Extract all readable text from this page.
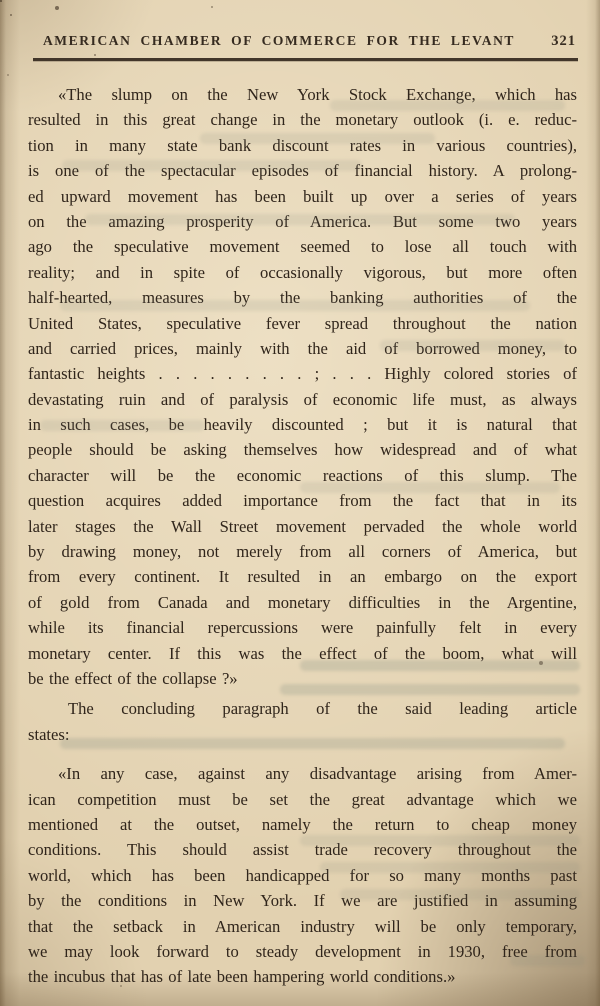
AMERICAN CHAMBER OF COMMERCE FOR THE LEVANT	321
«The slump on the New York Stock Exchange, which has
resulted in this great change in the monetary outlook (i. e. reduc-
tion in many state bank discount rates in various countries),
is one of the spectacular episodes of financial history. A prolong-
ed upward movement has been built up over a series of years
on the amazing prosperity of America. But some two years
ago the speculative movement seemed to lose all touch with
reality; and in spite of occasionally vigorous, but more often
half-hearted, measures by the banking authorities of the
United States, speculative fever spread throughout the nation
and carried prices, mainly with the aid of borrowed money, to
fantastic heights . . . . . . . . . ; . . . Highly colored stories of
devastating ruin and of paralysis of economic life must, as always
in such cases, be heavily discounted ; but it is natural that
people should be asking themselves how widespread and of what
character will be the economic reactions of this slump. The
question acquires added importance from the fact that in its
later stages the Wall Street movement pervaded the whole world
by drawing money, not merely from all corners of America, but
from every continent. It resulted in an embargo on the export
of gold from Canada and monetary difficulties in the Argentine,
while its financial repercussions were painfully felt in every
monetary center. If this was the effect of the boom, what will
be the effect of the collapse ?»
The concluding paragraph of the said leading article
states:
«In any case, against any disadvantage arising from Amer-
ican competition must be set the great advantage which we
mentioned at the outset, namely the return to cheap money
conditions. This should assist trade recovery throughout the
world, which has been handicapped for so many months past
by the conditions in New York. If we are justified in assuming
that the setback in American industry will be only temporary,
we may look forward to steady development in 1930, free from
the incubus that has of late been hampering world conditions.»
